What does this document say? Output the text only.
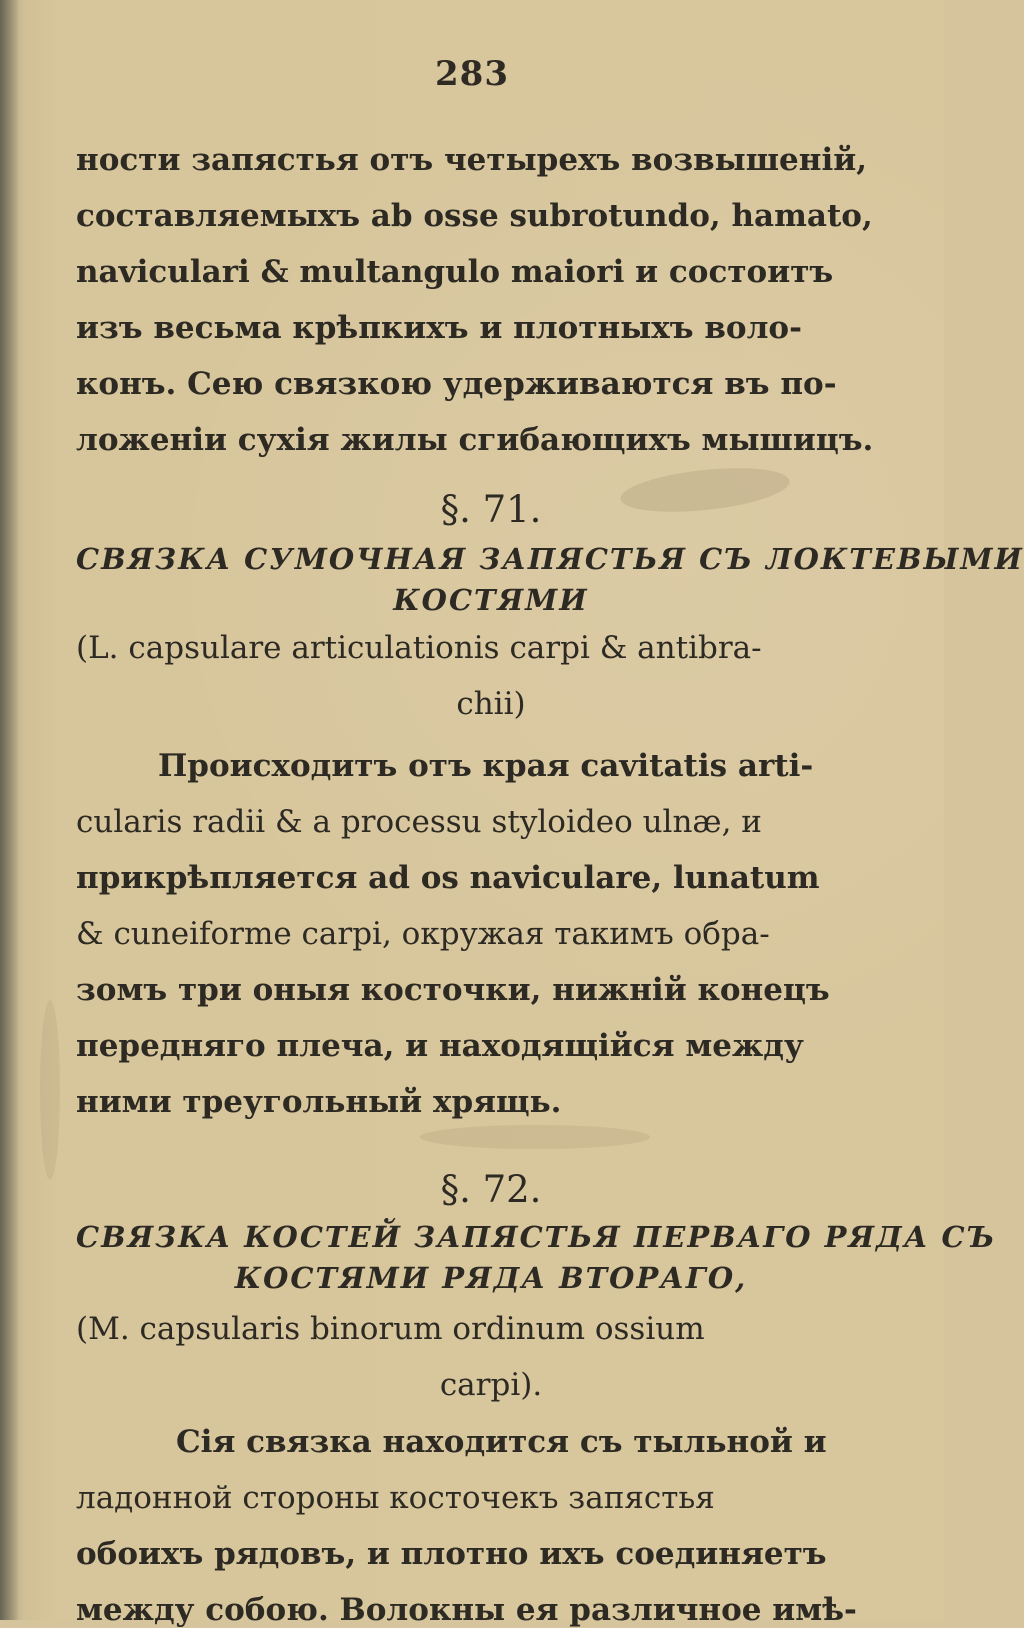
283
ности запястья отъ четырехъ возвышеній,
составляемыхъ ab osse subrotundo, hamato,
naviculari & multangulo maiori и состоитъ
изъ весьма крѣпкихъ и плотныхъ воло-
конъ. Сею связкою удерживаются въ по-
ложеніи сухія жилы сгибающихъ мышицъ.
§. 71.
СВЯЗКА СУМОЧНАЯ ЗАПЯСТЬЯ СЪ ЛОКТЕВЫМИ
КОСТЯМИ
(L. capsulare articulationis carpi & antibra-
chii)
Происходитъ отъ края cavitatis arti-
cularis radii & a processu styloideo ulnæ, и
прикрѣпляется ad os naviculare, lunatum
& cuneiforme carpi, окружая такимъ обра-
зомъ три оныя косточки, нижній конецъ
передняго плеча, и находящійся между
ними треугольный хрящь.
§. 72.
СВЯЗКА КОСТЕЙ ЗАПЯСТЬЯ ПЕРВАГО РЯДА СЪ
КОСТЯМИ РЯДА ВТОРАГО,
(M. capsularis binorum ordinum ossium
carpi).
Сія связка находится съ тыльной и
ладонной стороны косточекъ запястья
обоихъ рядовъ, и плотно ихъ соединяетъ
между собою. Волокны ея различное имѣ-
